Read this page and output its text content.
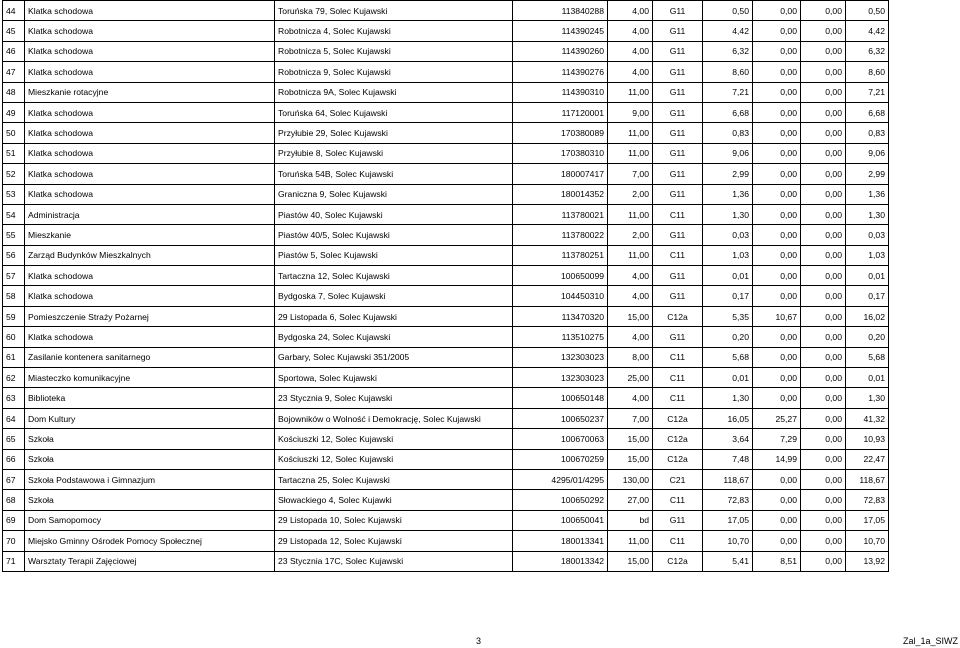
44	Klatka schodowa	Toruńska 79, Solec Kujawski	113840288	4,00	G11	0,50	0,00	0,00	0,50
45	Klatka schodowa	Robotnicza 4, Solec Kujawski	114390245	4,00	G11	4,42	0,00	0,00	4,42
46	Klatka schodowa	Robotnicza 5, Solec Kujawski	114390260	4,00	G11	6,32	0,00	0,00	6,32
47	Klatka schodowa	Robotnicza 9, Solec Kujawski	114390276	4,00	G11	8,60	0,00	0,00	8,60
48	Mieszkanie rotacyjne	Robotnicza 9A, Solec Kujawski	114390310	11,00	G11	7,21	0,00	0,00	7,21
49	Klatka schodowa	Toruńska 64, Solec Kujawski	117120001	9,00	G11	6,68	0,00	0,00	6,68
50	Klatka schodowa	Przyłubie 29, Solec Kujawski	170380089	11,00	G11	0,83	0,00	0,00	0,83
51	Klatka schodowa	Przyłubie 8, Solec Kujawski	170380310	11,00	G11	9,06	0,00	0,00	9,06
52	Klatka schodowa	Toruńska 54B, Solec Kujawski	180007417	7,00	G11	2,99	0,00	0,00	2,99
53	Klatka schodowa	Graniczna 9, Solec Kujawski	180014352	2,00	G11	1,36	0,00	0,00	1,36
54	Administracja	Piastów 40, Solec Kujawski	113780021	11,00	C11	1,30	0,00	0,00	1,30
55	Mieszkanie	Piastów 40/5, Solec Kujawski	113780022	2,00	G11	0,03	0,00	0,00	0,03
56	Zarząd Budynków Mieszkalnych	Piastów 5, Solec Kujawski	113780251	11,00	C11	1,03	0,00	0,00	1,03
57	Klatka schodowa	Tartaczna 12, Solec Kujawski	100650099	4,00	G11	0,01	0,00	0,00	0,01
58	Klatka schodowa	Bydgoska 7, Solec Kujawski	104450310	4,00	G11	0,17	0,00	0,00	0,17
59	Pomieszczenie Straży Pożarnej	29 Listopada 6, Solec Kujawski	113470320	15,00	C12a	5,35	10,67	0,00	16,02
60	Klatka schodowa	Bydgoska 24, Solec Kujawski	113510275	4,00	G11	0,20	0,00	0,00	0,20
61	Zasilanie kontenera sanitarnego	Garbary, Solec Kujawski 351/2005	132303023	8,00	C11	5,68	0,00	0,00	5,68
62	Miasteczko komunikacyjne	Sportowa, Solec Kujawski	132303023	25,00	C11	0,01	0,00	0,00	0,01
63	Biblioteka	23 Stycznia 9, Solec Kujawski	100650148	4,00	C11	1,30	0,00	0,00	1,30
64	Dom Kultury	Bojowników o Wolność i Demokrację, Solec Kujawski	100650237	7,00	C12a	16,05	25,27	0,00	41,32
65	Szkoła	Kościuszki 12, Solec Kujawski	100670063	15,00	C12a	3,64	7,29	0,00	10,93
66	Szkoła	Kościuszki 12, Solec Kujawski	100670259	15,00	C12a	7,48	14,99	0,00	22,47
67	Szkoła Podstawowa i Gimnazjum	Tartaczna 25, Solec Kujawski	4295/01/4295	130,00	C21	118,67	0,00	0,00	118,67
68	Szkoła	Słowackiego 4, Solec Kujawki	100650292	27,00	C11	72,83	0,00	0,00	72,83
69	Dom Samopomocy	29 Listopada 10, Solec Kujawski	100650041	bd	G11	17,05	0,00	0,00	17,05
70	Miejsko Gminny Ośrodek Pomocy Społecznej	29 Listopada 12, Solec Kujawski	180013341	11,00	C11	10,70	0,00	0,00	10,70
71	Warsztaty Terapii Zajęciowej	23 Stycznia 17C, Solec Kujawski	180013342	15,00	C12a	5,41	8,51	0,00	13,92
3	Zal_1a_SIWZ
